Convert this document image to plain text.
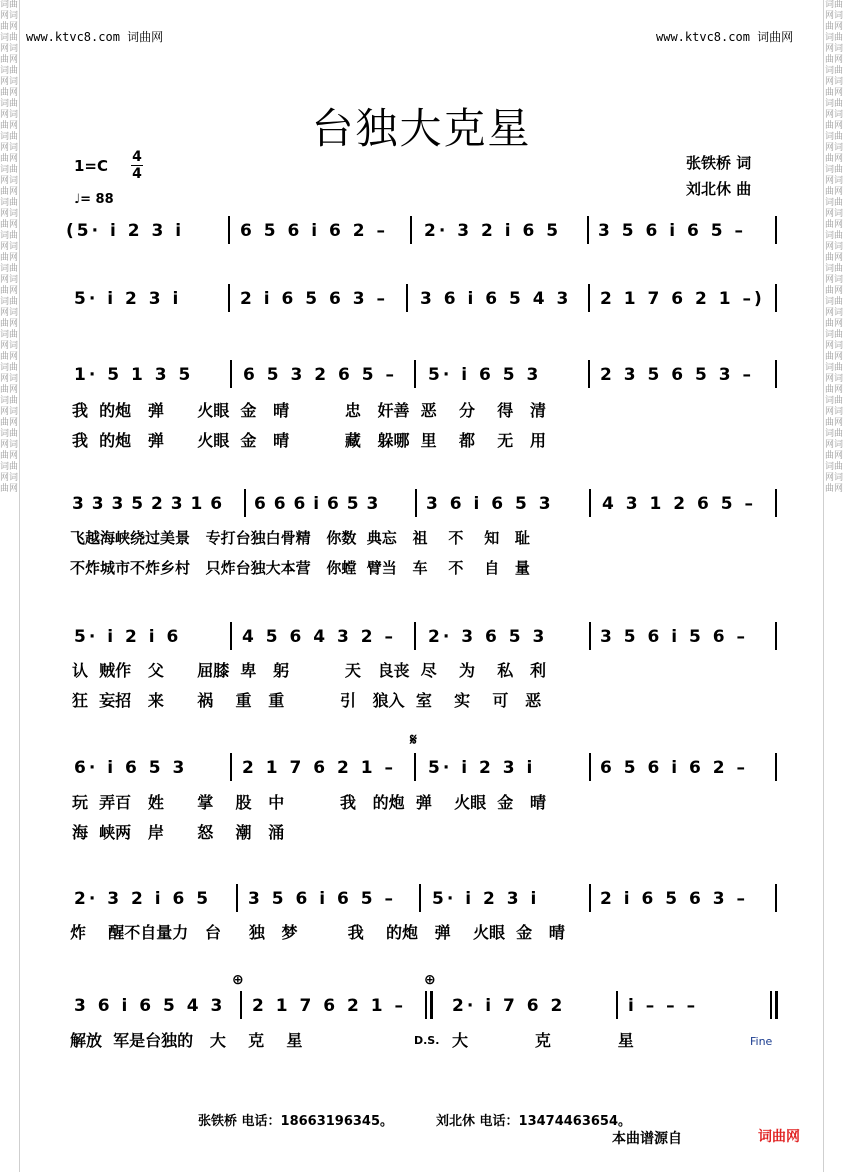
词曲网词曲网词曲网词曲网词曲网词曲网词曲网词曲网词曲网词曲网词曲网词曲网词曲网词曲网词曲网词曲网词曲网词曲网词曲网词曲网词曲网词曲网词曲网词曲网词曲网词曲网词曲网词曲网词曲网词曲网
词曲网词曲网词曲网词曲网词曲网词曲网词曲网词曲网词曲网词曲网词曲网词曲网词曲网词曲网词曲网词曲网词曲网词曲网词曲网词曲网词曲网词曲网词曲网词曲网词曲网词曲网词曲网词曲网词曲网词曲网
www.ktvc8.com 词曲网	www.ktvc8.com 词曲网
台独大克星
$1=C \frac{4}{4}$
♩= 88
张铁桥 词
刘北休 曲
(5· i 2 3 i	6 5 6 i 6 2 – 2· 3 2 i 6 5 3 5 6 i 6 5 –
5· i 2 3 i	2 i 6 5 6 3 – 3 6 i 6 5 4 3 2 1 7 6 2 1 –)
1· 5 1 3 5	6 5 3 2 6 5 – 5· i 6 5 3	2 3 5 6 5 3 –
我  的炮   弹      火眼  金   晴          忠   奸善  恶    分    得   清
我  的炮   弹      火眼  金   晴          藏   躲哪  里    都    无   用
3 3 3 5 2 3 1 6 6 6 6 i 6 5 3	3 6 i 6 5 3	4 3 1 2 6 5 –
飞越海峡绕过美景   专打台独白骨精   你数  典忘   祖    不    知   耻
不炸城市不炸乡村   只炸台独大本营   你螳  臂当   车    不    自   量
5· i 2 i 6	4 5 6 4 3 2 – 2· 3 6 5 3	3 5 6 i 5 6 –
认  贼作   父      屈膝  卑   躬          天   良丧  尽    为    私   利
狂  妄招   来      祸    重   重          引   狼入  室    实    可   恶
𝄋
6· i 6 5 3	2 1 7 6 2 1 – 5· i 2 3 i	6 5 6 i 6 2 –
玩  弄百   姓      掌    股   中          我   的炮  弹    火眼  金   晴
海  峡两   岸      怒    潮   涌
2· 3 2 i 6 5 3 5 6 i 6 5 – 5· i 2 3 i	2 i 6 5 6 3 –
炸    醒不自量力   台     独   梦         我    的炮   弹    火眼  金   晴
⊕	⊕
3 6 i 6 5 4 3 2 1 7 6 2 1 –	2· i 7 6 2	i – – –
解放  军是台独的   大    克    星	D.S. 大            克            星	Fine
张铁桥 电话：18663196345。	刘北休 电话：13474463654。
本曲谱源自	词曲网
